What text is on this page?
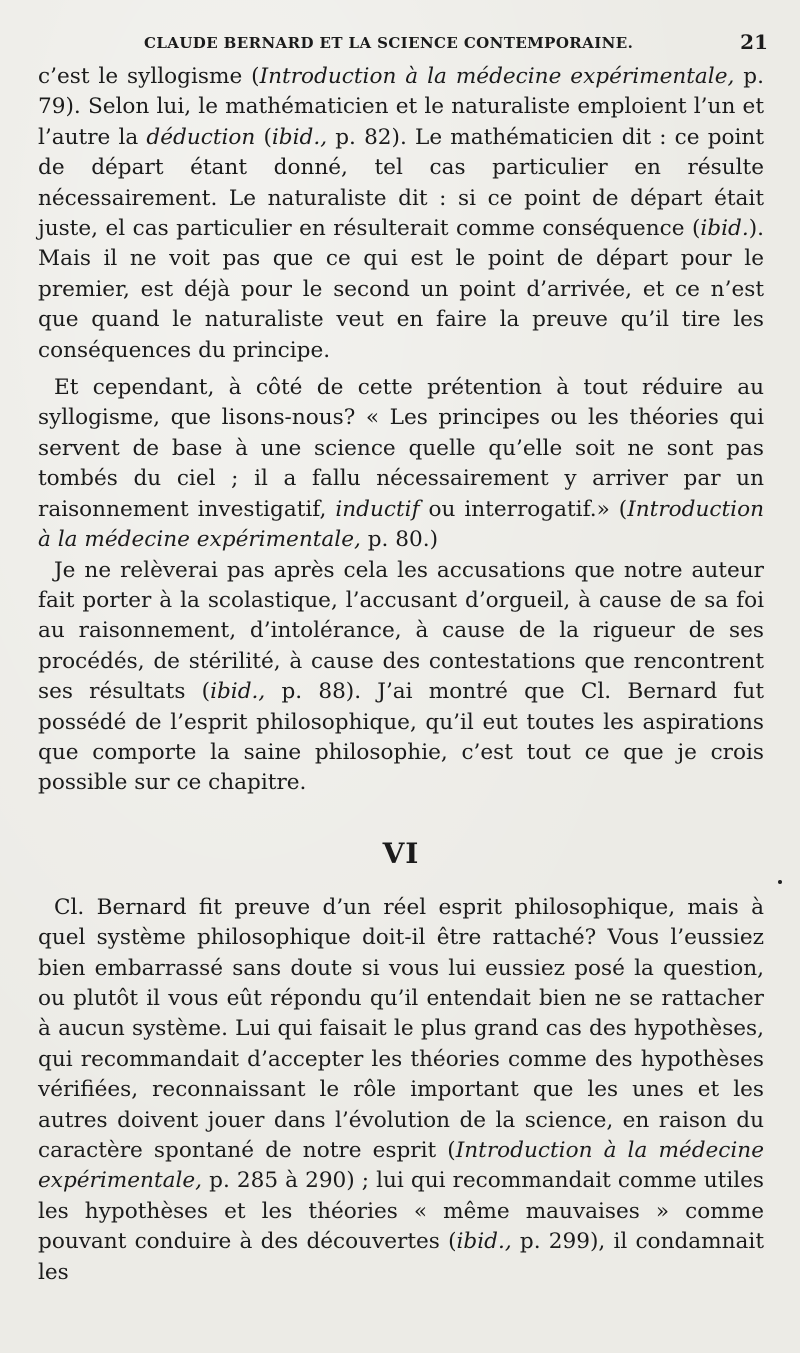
CLAUDE BERNARD ET LA SCIENCE CONTEMPORAINE.	21

c’est le syllogisme (Introduction à la médecine expérimentale, p. 79). Selon lui, le mathématicien et le naturaliste emploient l’un et l’autre la déduction (ibid., p. 82). Le mathématicien dit : ce point de départ étant donné, tel cas particulier en résulte nécessairement. Le naturaliste dit : si ce point de départ était juste, el cas particulier en résulterait comme conséquence (ibid.). Mais il ne voit pas que ce qui est le point de départ pour le premier, est déjà pour le second un point d’arrivée, et ce n’est que quand le naturaliste veut en faire la preuve qu’il tire les conséquences du principe.

Et cependant, à côté de cette prétention à tout réduire au syllogisme, que lisons-nous? « Les principes ou les théories qui servent de base à une science quelle qu’elle soit ne sont pas tombés du ciel ; il a fallu nécessairement y arriver par un raisonnement investigatif, inductif ou interrogatif.» (Introduction à la médecine expérimentale, p. 80.)

Je ne relèverai pas après cela les accusations que notre auteur fait porter à la scolastique, l’accusant d’orgueil, à cause de sa foi au raisonnement, d’intolérance, à cause de la rigueur de ses procédés, de stérilité, à cause des contestations que rencontrent ses résultats (ibid., p. 88). J’ai montré que Cl. Bernard fut possédé de l’esprit philosophique, qu’il eut toutes les aspirations que comporte la saine philosophie, c’est tout ce que je crois possible sur ce chapitre.

VI

Cl. Bernard fit preuve d’un réel esprit philosophique, mais à quel système philosophique doit-il être rattaché? Vous l’eussiez bien embarrassé sans doute si vous lui eussiez posé la question, ou plutôt il vous eût répondu qu’il entendait bien ne se rattacher à aucun système. Lui qui faisait le plus grand cas des hypothèses, qui recommandait d’accepter les théories comme des hypothèses vérifiées, reconnaissant le rôle important que les unes et les autres doivent jouer dans l’évolution de la science, en raison du caractère spontané de notre esprit (Introduction à la médecine expérimentale, p. 285 à 290) ; lui qui recommandait comme utiles les hypothèses et les théories « même mauvaises » comme pouvant conduire à des découvertes (ibid., p. 299), il condamnait les
